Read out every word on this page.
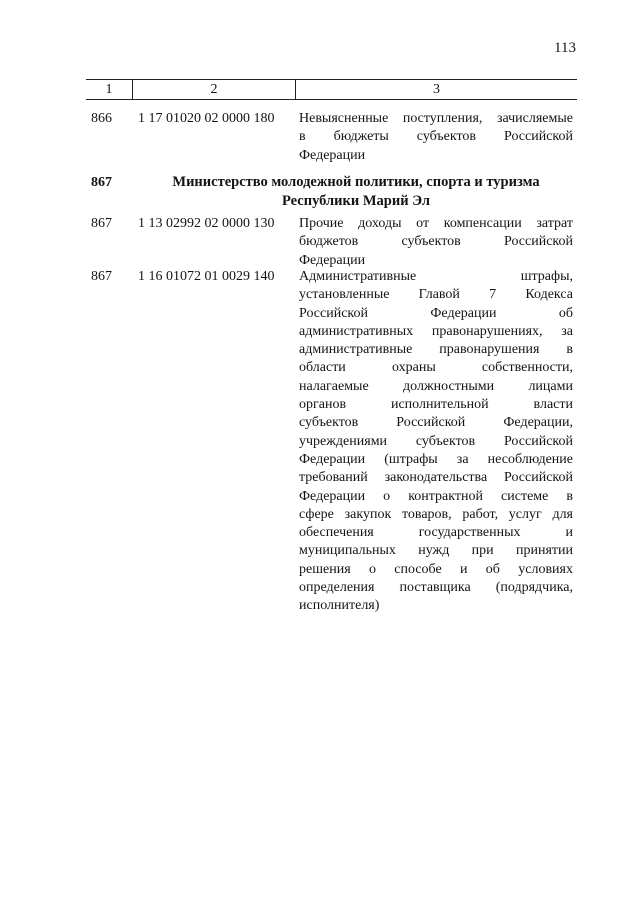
113
1	2	3
866	1 17 01020 02 0000 180	Невыясненные поступления, зачисляемые
в бюджеты субъектов Российской
Федерации
867	Министерство молодежной политики, спорта и туризма
Республики Марий Эл
867	1 13 02992 02 0000 130	Прочие доходы от компенсации затрат
бюджетов субъектов Российской
Федерации
867	1 16 01072 01 0029 140	Административные штрафы,
установленные Главой 7 Кодекса
Российской Федерации об
административных правонарушениях, за
административные правонарушения в
области охраны собственности,
налагаемые должностными лицами
органов исполнительной власти
субъектов Российской Федерации,
учреждениями субъектов Российской
Федерации (штрафы за несоблюдение
требований законодательства Российской
Федерации о контрактной системе в
сфере закупок товаров, работ, услуг для
обеспечения государственных и
муниципальных нужд при принятии
решения о способе и об условиях
определения поставщика (подрядчика,
исполнителя)
